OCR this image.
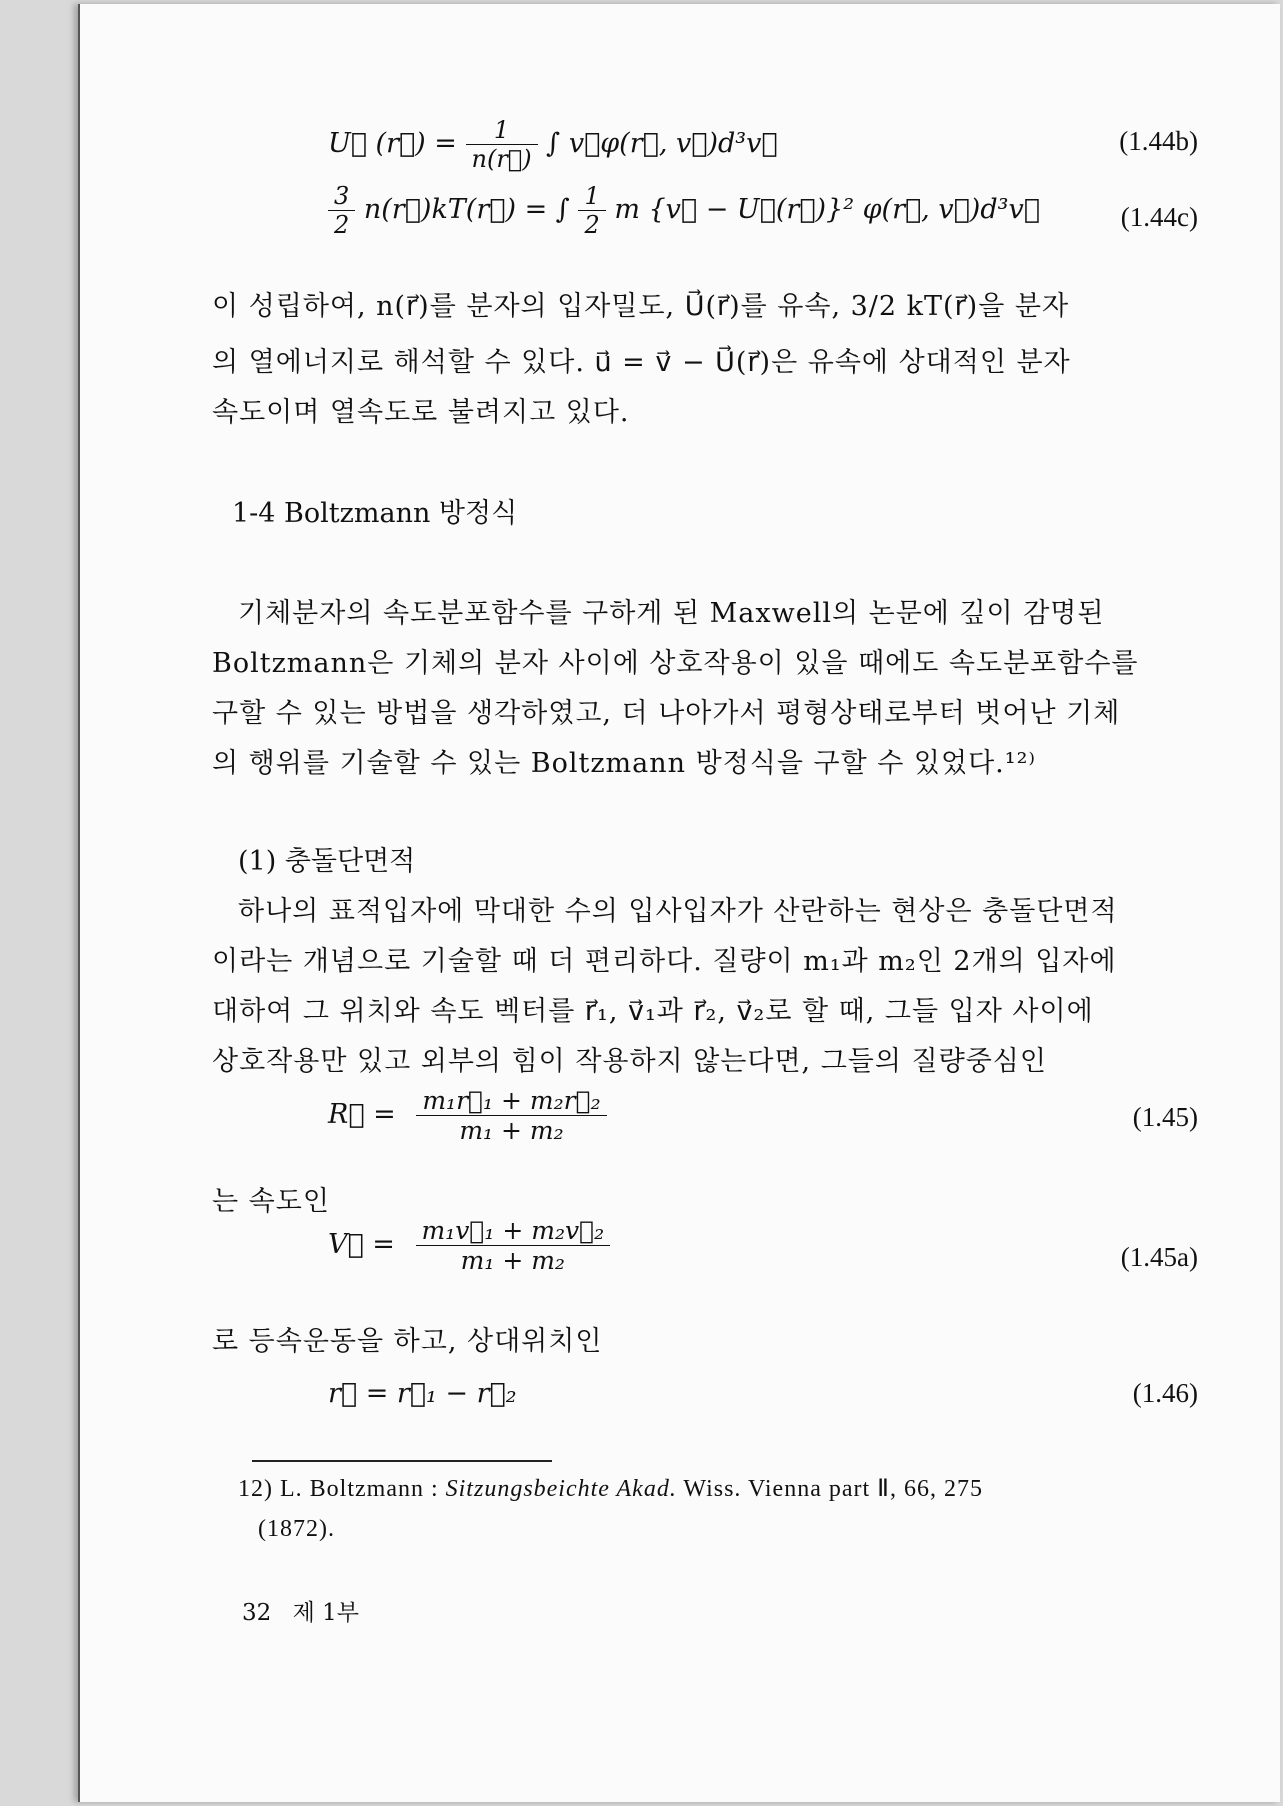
U⃗ (r⃗) = $\frac{1}{n(r⃗)}$ ∫ v⃗φ(r⃗, v⃗)d³v⃗	(1.44b)
$\frac{3}{2}$ n(r⃗)kT(r⃗) = ∫ $\frac{1}{2}$ m {v⃗ − U⃗(r⃗)}² φ(r⃗, v⃗)d³v⃗	(1.44c)
이 성립하여, n(r⃗)를 분자의 입자밀도, U⃗(r⃗)를 유속, 3/2 kT(r⃗)을 분자
의 열에너지로 해석할 수 있다. u⃗ = v⃗ − U⃗(r⃗)은 유속에 상대적인 분자
속도이며 열속도로 불려지고 있다.
1-4 Boltzmann 방정식
기체분자의 속도분포함수를 구하게 된 Maxwell의 논문에 깊이 감명된
Boltzmann은 기체의 분자 사이에 상호작용이 있을 때에도 속도분포함수를
구할 수 있는 방법을 생각하였고, 더 나아가서 평형상태로부터 벗어난 기체
의 행위를 기술할 수 있는 Boltzmann 방정식을 구할 수 있었다.¹²⁾
(1) 충돌단면적
하나의 표적입자에 막대한 수의 입사입자가 산란하는 현상은 충돌단면적
이라는 개념으로 기술할 때 더 편리하다. 질량이 m₁과 m₂인 2개의 입자에
대하여 그 위치와 속도 벡터를 r⃗₁, v⃗₁과 r⃗₂, v⃗₂로 할 때, 그들 입자 사이에
상호작용만 있고 외부의 힘이 작용하지 않는다면, 그들의 질량중심인
R⃗ = $\frac{\text{m₁r⃗₁ + m₂r⃗₂}}{\text{m₁ + m₂}}$	(1.45)
는 속도인
V⃗ = $\frac{\text{m₁v⃗₁ + m₂v⃗₂}}{\text{m₁ + m₂}}$	(1.45a)
로 등속운동을 하고, 상대위치인
r⃗ = r⃗₁ − r⃗₂	(1.46)
12) L. Boltzmann : Sitzungsbeichte Akad. Wiss. Vienna part Ⅱ, 66, 275
(1872).
32 제 1부
